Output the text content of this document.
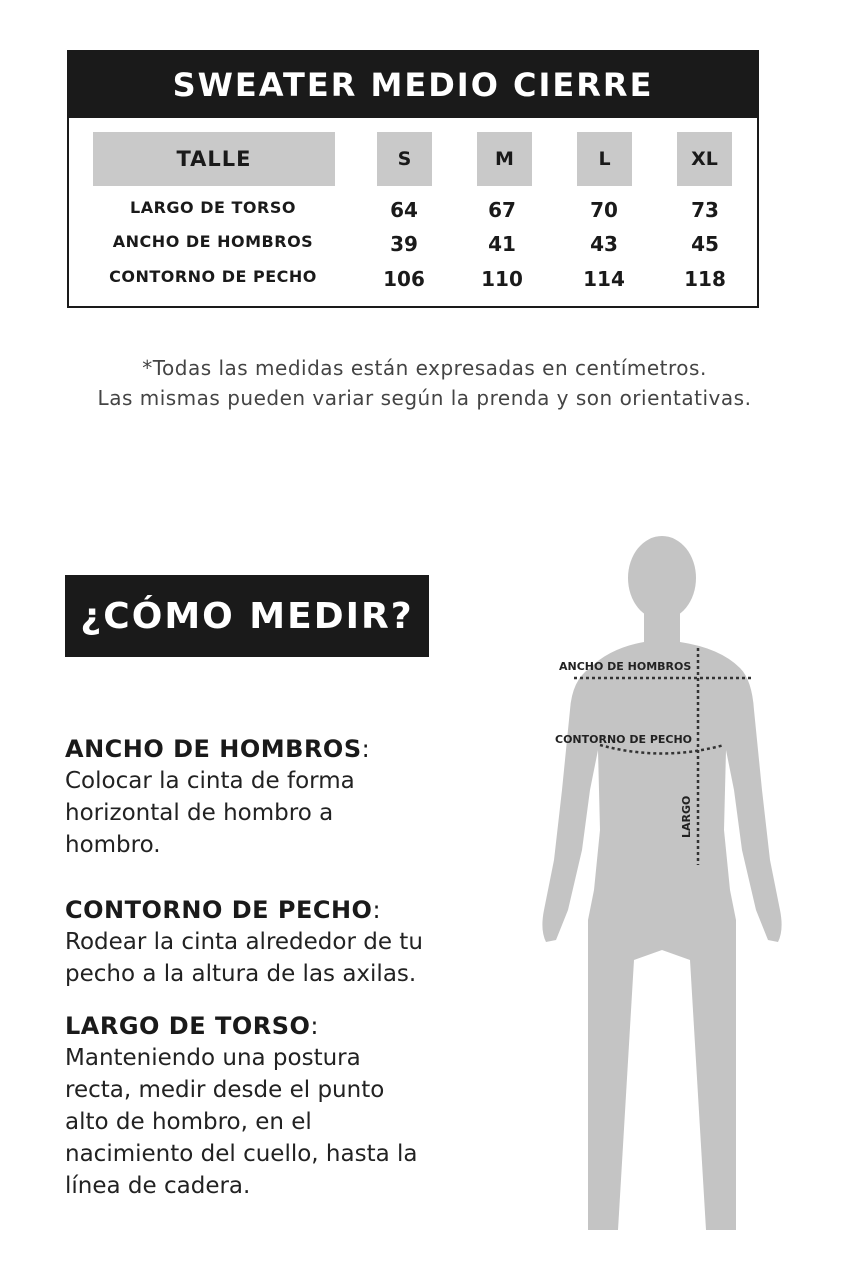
SWEATER MEDIO CIERRE
TALLE	S	M	L	XL
LARGO DE TORSO	64	67	70	73
ANCHO DE HOMBROS	39	41	43	45
CONTORNO DE PECHO	106	110	114	118
*Todas las medidas están expresadas en centímetros.
Las mismas pueden variar según la prenda y son orientativas.
¿CÓMO MEDIR?
ANCHO DE HOMBROS:
Colocar la cinta de forma
horizontal de hombro a
hombro.
CONTORNO DE PECHO:
Rodear la cinta alrededor de tu
pecho a la altura de las axilas.
LARGO DE TORSO:
Manteniendo una postura
recta, medir desde el punto
alto de hombro, en el
nacimiento del cuello, hasta la
línea de cadera.
ANCHO DE HOMBROS
CONTORNO DE PECHO
LARGO
